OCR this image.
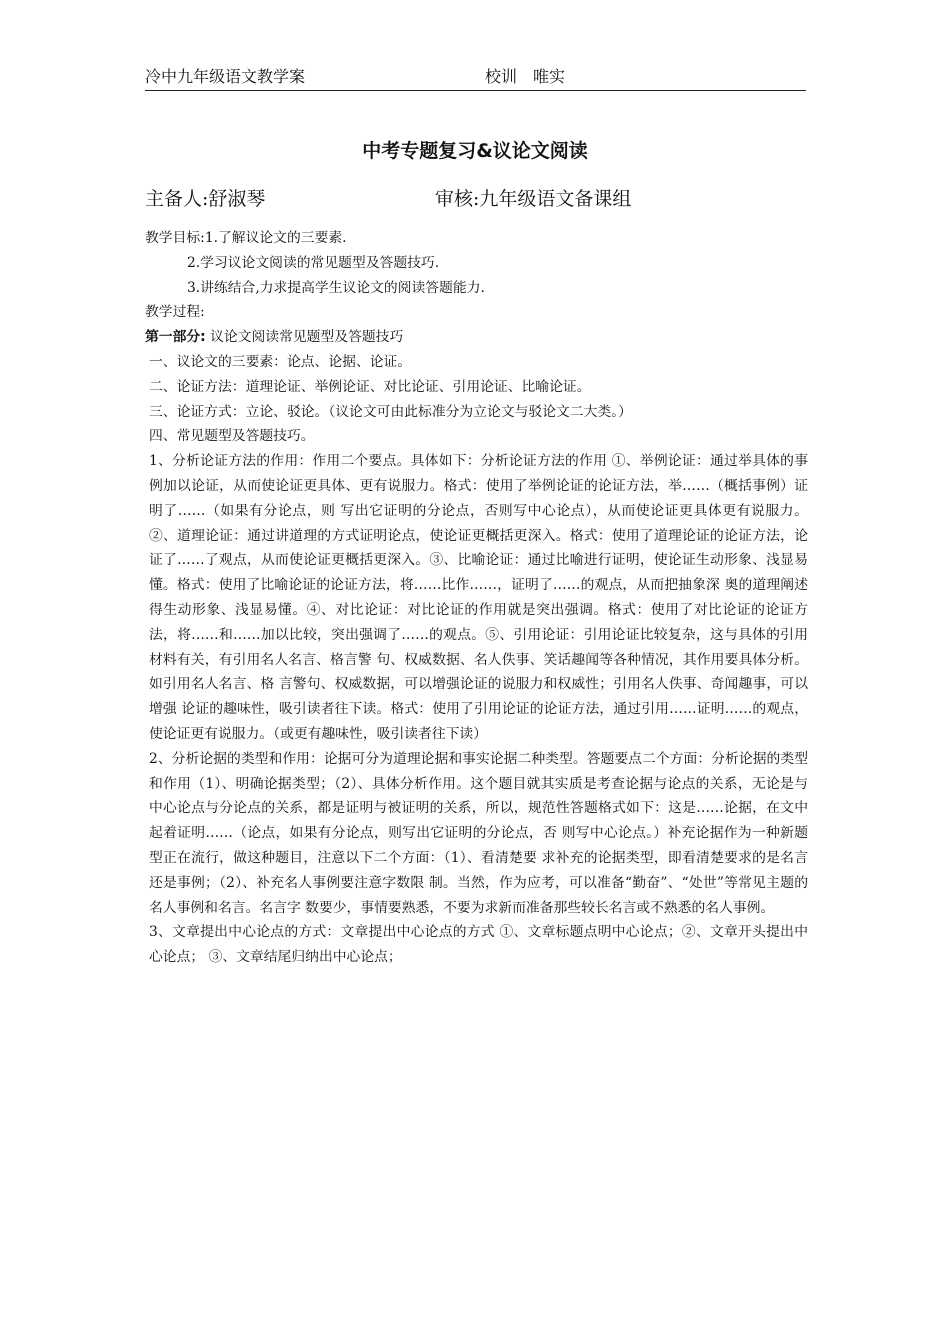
冷中九年级语文教学案	校训　唯实
中考专题复习&议论文阅读
主备人:舒淑琴	审核:九年级语文备课组

教学目标:1.了解议论文的三要素.

2.学习议论文阅读的常见题型及答题技巧.

3.讲练结合,力求提高学生议论文的阅读答题能力.

教学过程:

第一部分: 议论文阅读常见题型及答题技巧

一、议论文的三要素：论点、论据、论证。

二、论证方法：道理论证、举例论证、对比论证、引用论证、比喻论证。

三、论证方式：立论、驳论。（议论文可由此标准分为立论文与驳论文二大类。）

四、常见题型及答题技巧。

1、分析论证方法的作用：作用二个要点。具体如下：分析论证方法的作用 ①、举例论证：通过举具体的事例加以论证，从而使论证更具体、更有说服力。格式：使用了举例论证的论证方法，举……（概括事例）证明了……（如果有分论点，则 写出它证明的分论点，否则写中心论点），从而使论证更具体更有说服力。②、道理论证：通过讲道理的方式证明论点，使论证更概括更深入。格式：使用了道理论证的论证方法，论证了……了观点，从而使论证更概括更深入。③、比喻论证：通过比喻进行证明，使论证生动形象、浅显易懂。格式：使用了比喻论证的论证方法，将……比作……，证明了……的观点，从而把抽象深 奥的道理阐述得生动形象、浅显易懂。④、对比论证：对比论证的作用就是突出强调。格式：使用了对比论证的论证方法，将……和……加以比较，突出强调了……的观点。⑤、引用论证：引用论证比较复杂，这与具体的引用材料有关，有引用名人名言、格言警 句、权威数据、名人佚事、笑话趣闻等各种情况，其作用要具体分析。如引用名人名言、格 言警句、权威数据，可以增强论证的说服力和权威性；引用名人佚事、奇闻趣事，可以增强 论证的趣味性，吸引读者往下读。格式：使用了引用论证的论证方法，通过引用……证明……的观点，使论证更有说服力。（或更有趣味性，吸引读者往下读）

2、分析论据的类型和作用：论据可分为道理论据和事实论据二种类型。答题要点二个方面：分析论据的类型和作用（1）、明确论据类型；（2）、具体分析作用。这个题目就其实质是考查论据与论点的关系，无论是与中心论点与分论点的关系，都是证明与被证明的关系，所以，规范性答题格式如下：这是……论据，在文中起着证明……（论点，如果有分论点，则写出它证明的分论点，否 则写中心论点。）补充论据作为一种新题型正在流行，做这种题目，注意以下二个方面：（1）、看清楚要 求补充的论据类型，即看清楚要求的是名言还是事例；（2）、补充名人事例要注意字数限 制。当然，作为应考，可以准备“勤奋”、“处世”等常见主题的名人事例和名言。名言字 数要少，事情要熟悉，不要为求新而准备那些较长名言或不熟悉的名人事例。

3、文章提出中心论点的方式：文章提出中心论点的方式 ①、文章标题点明中心论点；②、文章开头提出中心论点； ③、文章结尾归纳出中心论点；
